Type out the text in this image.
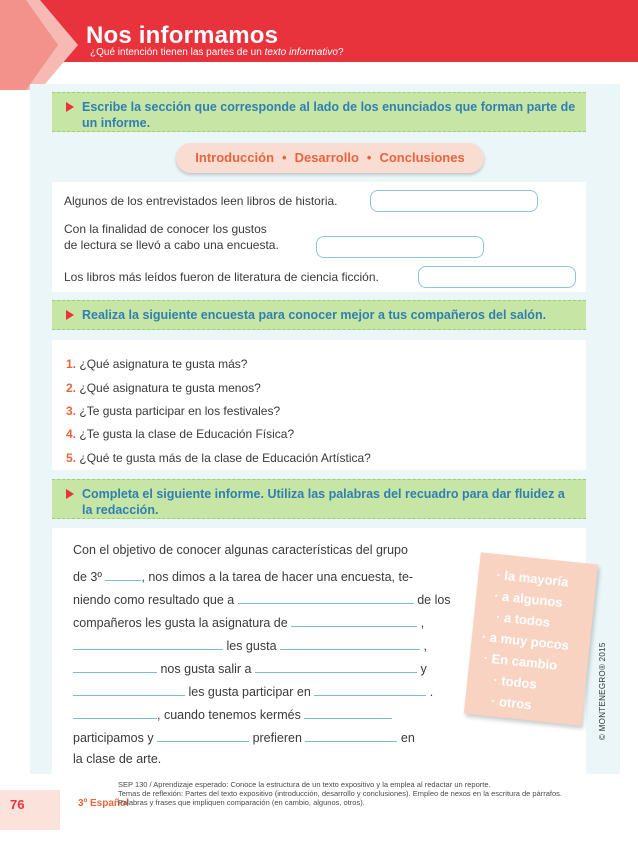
Nos informamos
¿Qué intención tienen las partes de un texto informativo?
Escribe la sección que corresponde al lado de los enunciados que forman parte de un informe.
Introducción • Desarrollo • Conclusiones
Algunos de los entrevistados leen libros de historia.
Con la finalidad de conocer los gustos
de lectura se llevó a cabo una encuesta.
Los libros más leídos fueron de literatura de ciencia ficción.
Realiza la siguiente encuesta para conocer mejor a tus compañeros del salón.
1. ¿Qué asignatura te gusta más?
2. ¿Qué asignatura te gusta menos?
3. ¿Te gusta participar en los festivales?
4. ¿Te gusta la clase de Educación Física?
5. ¿Qué te gusta más de la clase de Educación Artística?
Completa el siguiente informe. Utiliza las palabras del recuadro para dar fluidez a la redacción.
Con el objetivo de conocer algunas características del grupo
de 3º	, nos dimos a la tarea de hacer una encuesta, te-
niendo como resultado que a	de los
compañeros les gusta la asignatura de	,
les gusta	,
nos gusta salir a	y
les gusta participar en	.
, cuando tenemos kermés
participamos y	prefieren	en
la clase de arte.
· la mayoría
· a algunos
· a todos
· a muy pocos
· En cambio
· todos
· otros	© MONTENEGRO® 2015
76	3º Español
SEP 130 / Aprendizaje esperado: Conoce la estructura de un texto expositivo y la emplea al redactar un reporte.
Temas de reflexión: Partes del texto expositivo (introducción, desarrollo y conclusiones). Empleo de nexos en la escritura de párrafos. Palabras y frases que impliquen comparación (en cambio, algunos, otros).
